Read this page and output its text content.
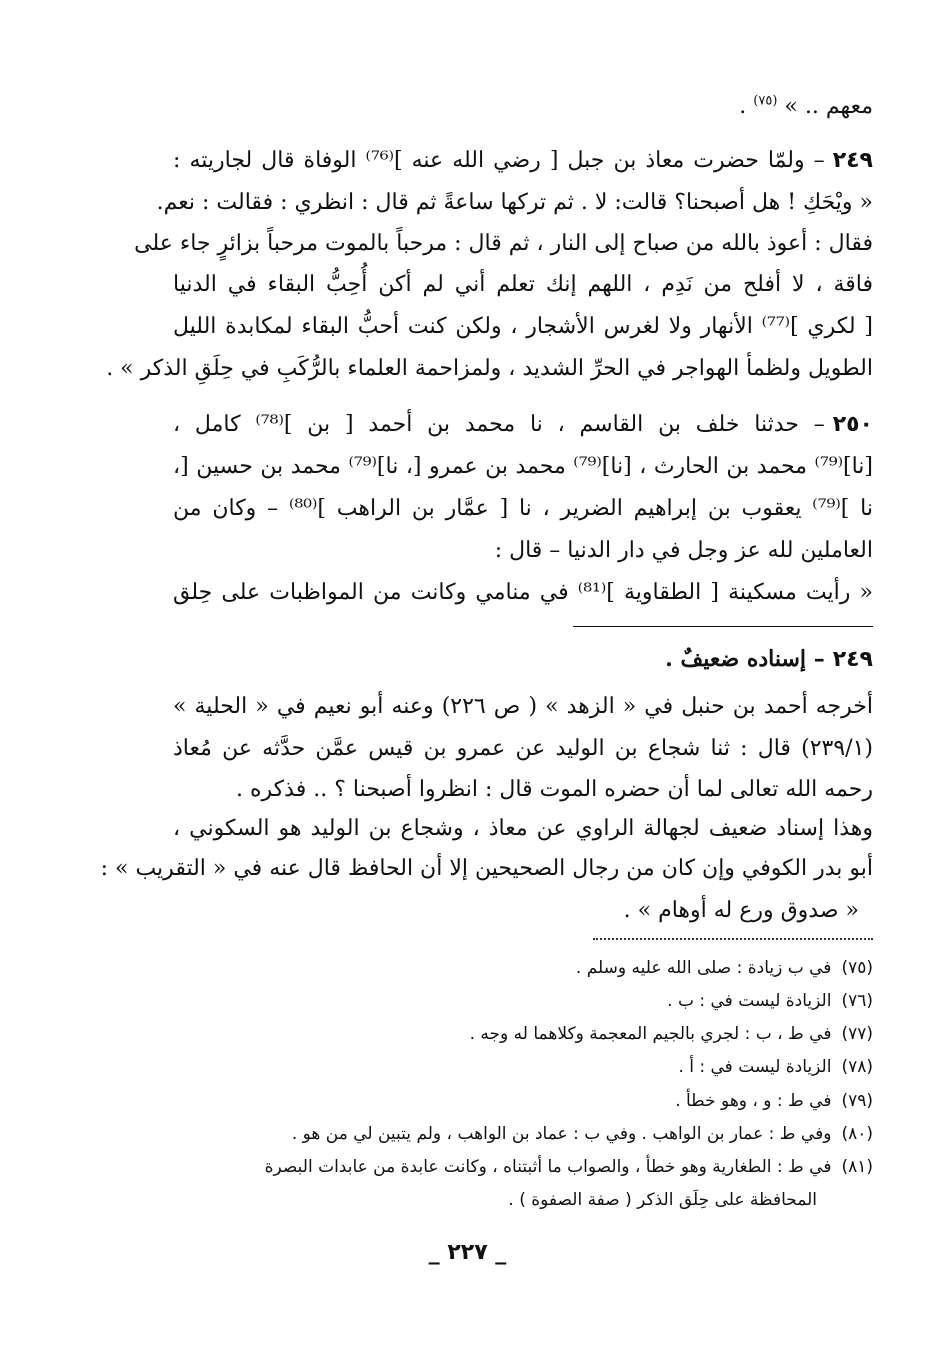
معهم .. » $^{(٧٥)}$ .
٢٤٩– ولمّا حضرت معاذ بن جبل [ رضي الله عنه ]⁽⁷⁶⁾ الوفاة قال لجاريته :
« ويْحَكِ ! هل أصبحنا؟ قالت: لا . ثم تركها ساعةً ثم قال : انظري : فقالت : نعم.
فقال : أعوذ بالله من صباح إلى النار ، ثم قال : مرحباً بالموت مرحباً بزائرٍ جاء على
فاقة ، لا أفلح من نَدِم ، اللهم إنك تعلم أني لم أكن أُحِبُّ البقاء في الدنيا
[ لكري ]⁽⁷⁷⁾ الأنهار ولا لغرس الأشجار ، ولكن كنت أحبُّ البقاء لمكابدة الليل
الطويل ولظمأ الهواجر في الحرِّ الشديد ، ولمزاحمة العلماء بالرُّكَبِ في حِلَقِ الذكر » .
٢٥٠– حدثنا خلف بن القاسم ، نا محمد بن أحمد [ بن ]⁽⁷⁸⁾ كامل ،
[نا]⁽⁷⁹⁾ محمد بن الحارث ، [نا]⁽⁷⁹⁾ محمد بن عمرو [، نا]⁽⁷⁹⁾ محمد بن حسين [،
نا ]⁽⁷⁹⁾ يعقوب بن إبراهيم الضرير ، نا [ عمَّار بن الراهب ]⁽⁸⁰⁾ – وكان من
العاملين لله عز وجل في دار الدنيا – قال :
« رأيت مسكينة [ الطقاوية ]⁽⁸¹⁾ في منامي وكانت من المواظبات على حِلق
٢٤٩– إسناده ضعيفٌ .
أخرجه أحمد بن حنبل في « الزهد » ( ص ٢٢٦) وعنه أبو نعيم في « الحلية »
(٢٣٩/١) قال : ثنا شجاع بن الوليد عن عمرو بن قيس عمَّن حدَّثه عن مُعاذ
رحمه الله تعالى لما أن حضره الموت قال : انظروا أصبحنا ؟ .. فذكره .
وهذا إسناد ضعيف لجهالة الراوي عن معاذ ، وشجاع بن الوليد هو السكوني ،
أبو بدر الكوفي وإن كان من رجال الصحيحين إلا أن الحافظ قال عنه في « التقريب » :
« صدوق ورع له أوهام » .
(٧٥)في ب زيادة : صلى الله عليه وسلم .
(٧٦)الزيادة ليست في : ب .
(٧٧)في ط ، ب : لجري بالجيم المعجمة وكلاهما له وجه .
(٧٨)الزيادة ليست في : أ .
(٧٩)في ط : و ، وهو خطأ .
(٨٠)وفي ط : عمار بن الواهب . وفي ب : عماد بن الواهب ، ولم يتبين لي من هو .
(٨١)في ط : الطغارية وهو خطأ ، والصواب ما أثبتناه ، وكانت عابدة من عابدات البصرة
المحافظة على حِلَق الذكر ( صفة الصفوة ) .
_ ٢٢٧ _
